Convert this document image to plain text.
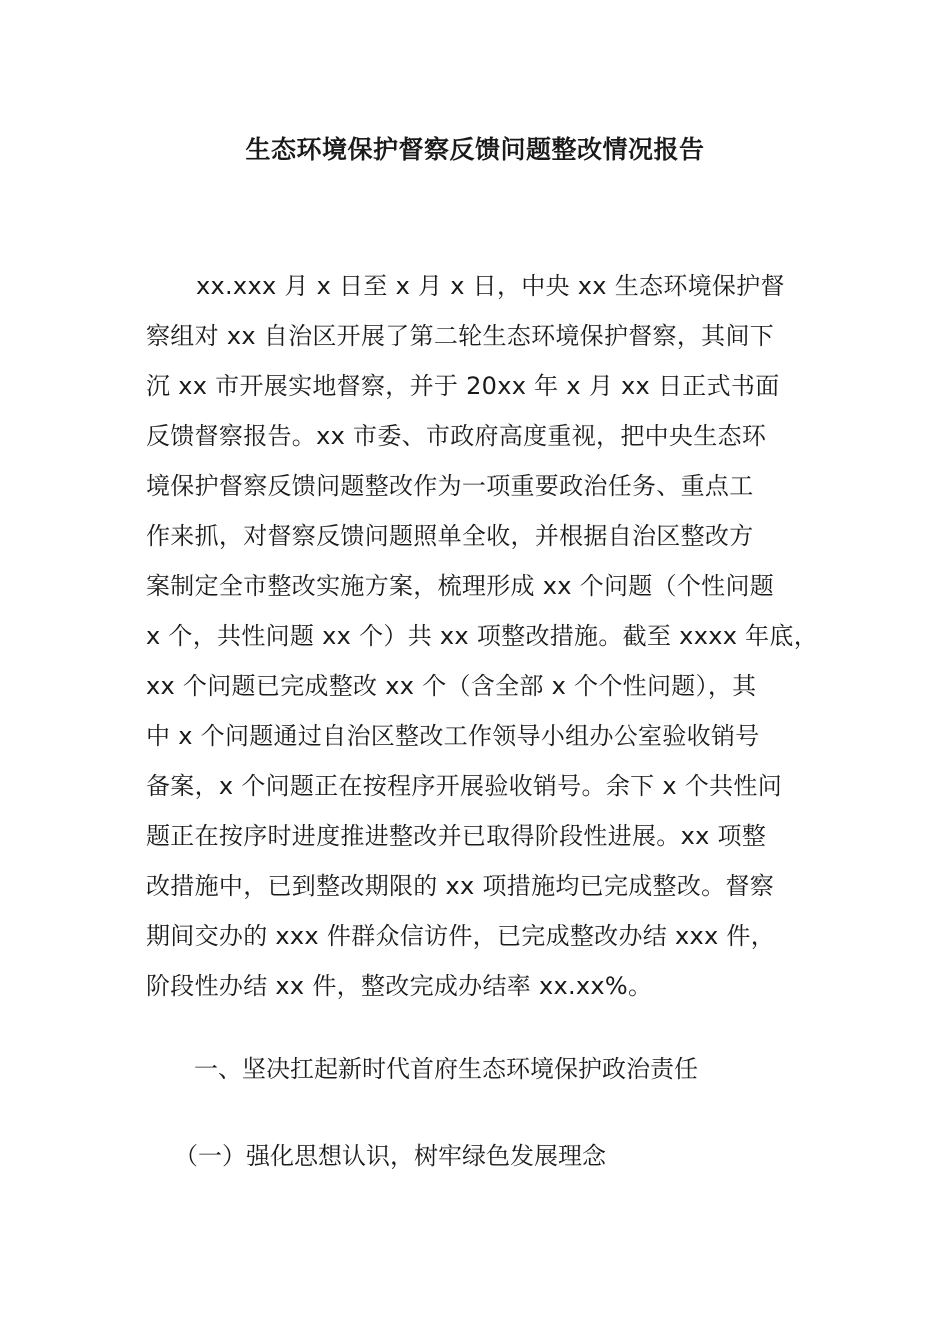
生态环境保护督察反馈问题整改情况报告
xx.xxx 月 x 日至 x 月 x 日，中央 xx 生态环境保护督
察组对 xx 自治区开展了第二轮生态环境保护督察，其间下
沉 xx 市开展实地督察，并于 20xx 年 x 月 xx 日正式书面
反馈督察报告。xx 市委、市政府高度重视，把中央生态环
境保护督察反馈问题整改作为一项重要政治任务、重点工
作来抓，对督察反馈问题照单全收，并根据自治区整改方
案制定全市整改实施方案，梳理形成 xx 个问题（个性问题
x 个，共性问题 xx 个）共 xx 项整改措施。截至 xxxx 年底，
xx 个问题已完成整改 xx 个（含全部 x 个个性问题），其
中 x 个问题通过自治区整改工作领导小组办公室验收销号
备案，x 个问题正在按程序开展验收销号。余下 x 个共性问
题正在按序时进度推进整改并已取得阶段性进展。xx 项整
改措施中，已到整改期限的 xx 项措施均已完成整改。督察
期间交办的 xxx 件群众信访件，已完成整改办结 xxx 件，
阶段性办结 xx 件，整改完成办结率 xx.xx%。
一、坚决扛起新时代首府生态环境保护政治责任
（一）强化思想认识，树牢绿色发展理念
